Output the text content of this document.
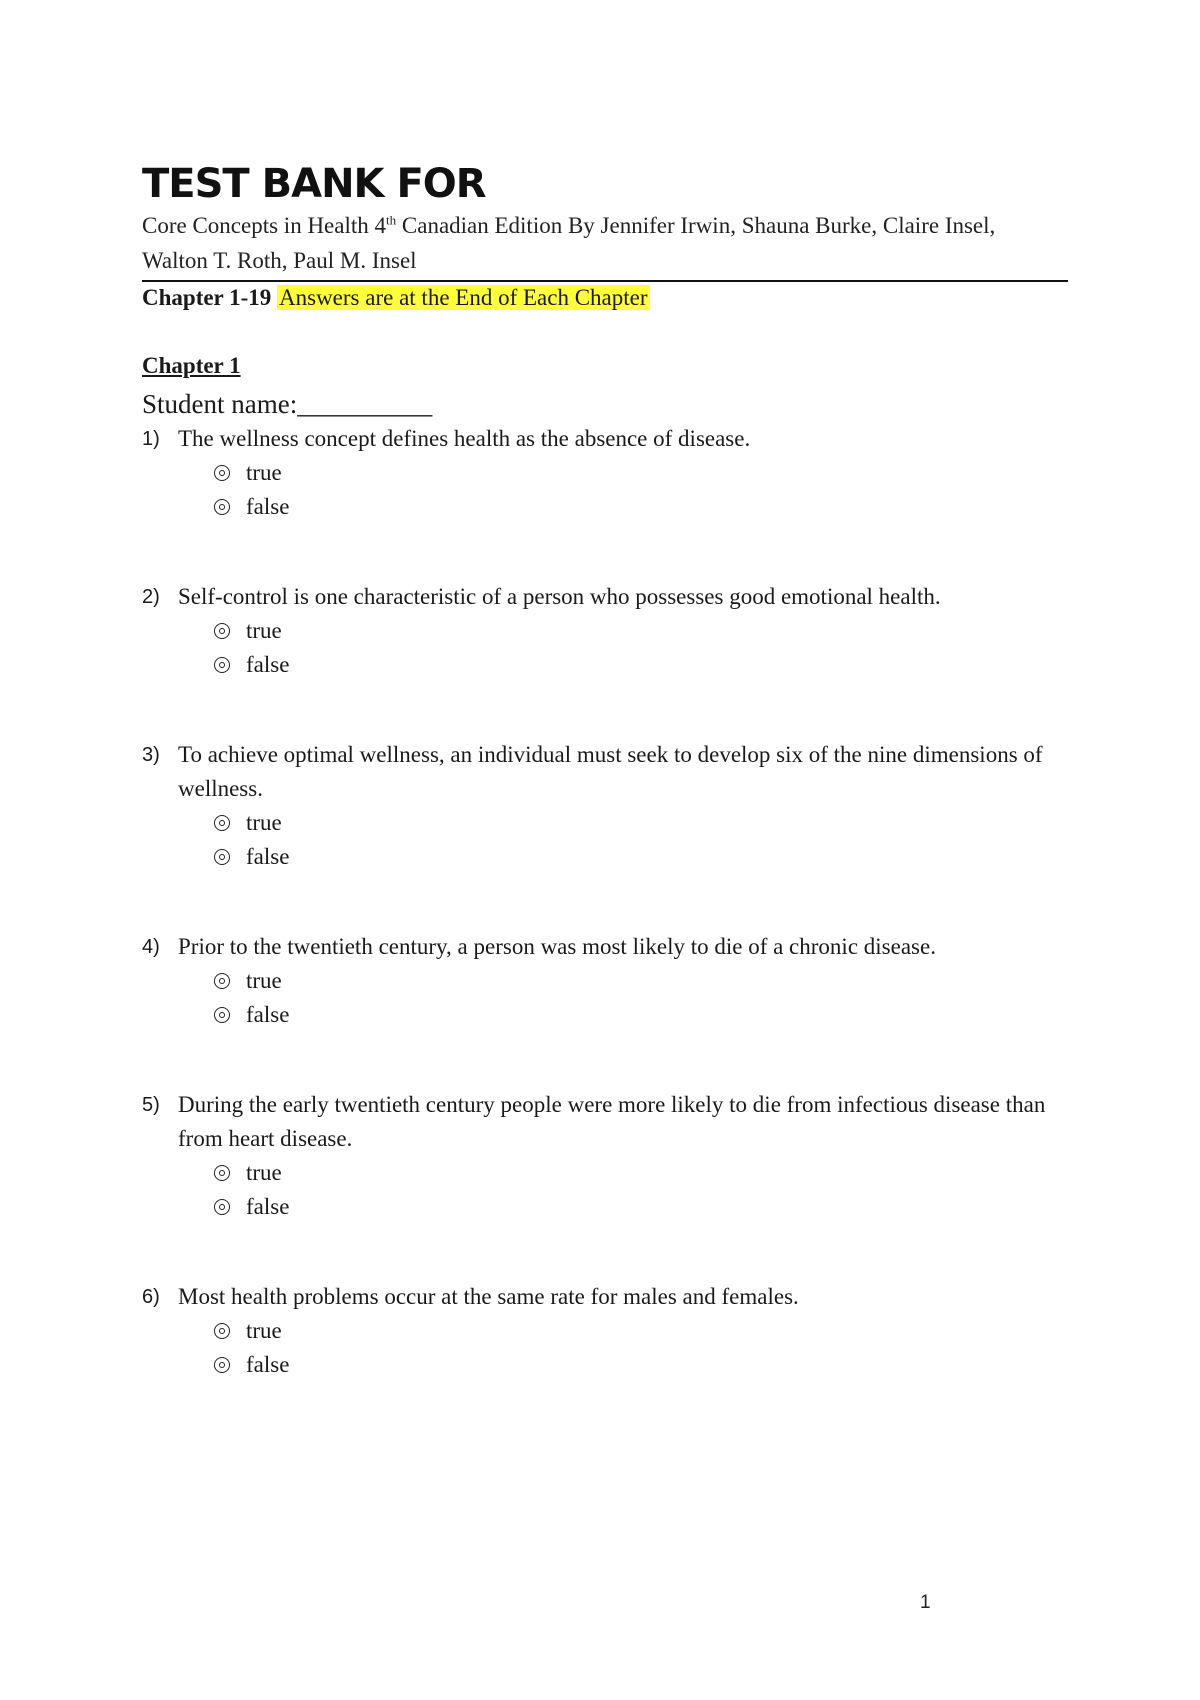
TEST BANK FOR

Core Concepts in Health 4th Canadian Edition By Jennifer Irwin, Shauna Burke, Claire Insel,

Walton T. Roth, Paul M. Insel

Chapter 1-19 Answers are at the End of Each Chapter

Chapter 1

Student name:__________

1) The wellness concept defines health as the absence of disease.
true
false
2) Self-control is one characteristic of a person who possesses good emotional health.
true
false
3) To achieve optimal wellness, an individual must seek to develop six of the nine dimensions of wellness.
true
false
4) Prior to the twentieth century, a person was most likely to die of a chronic disease.
true
false
5) During the early twentieth century people were more likely to die from infectious disease than from heart disease.
true
false
6) Most health problems occur at the same rate for males and females.
true
false
1
